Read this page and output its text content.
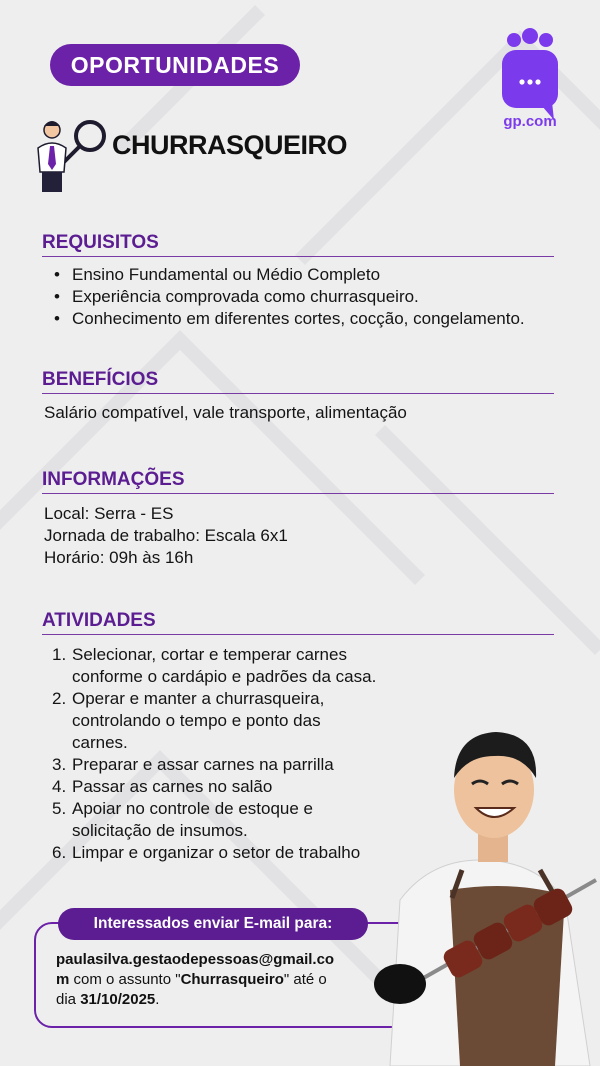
OPORTUNIDADES
gp.com
CHURRASQUEIRO
REQUISITOS
• Ensino Fundamental ou Médio Completo
• Experiência comprovada como churrasqueiro.
• Conhecimento em diferentes cortes, cocção, congelamento.
BENEFÍCIOS
Salário compatível, vale transporte, alimentação
INFORMAÇÕES
Local: Serra - ES
Jornada de trabalho: Escala 6x1
Horário: 09h às 16h
ATIVIDADES
1. Selecionar, cortar e temperar carnes
conforme o cardápio e padrões da casa.
2. Operar e manter a churrasqueira,
controlando o tempo e ponto das
carnes.
3. Preparar e assar carnes na parrilla
4. Passar as carnes no salão
5. Apoiar no controle de estoque e
solicitação de insumos.
6. Limpar e organizar o setor de trabalho
Interessados enviar E-mail para:
paulasilva.gestaodepessoas@gmail.co
m com o assunto "Churrasqueiro" até o
dia 31/10/2025.
